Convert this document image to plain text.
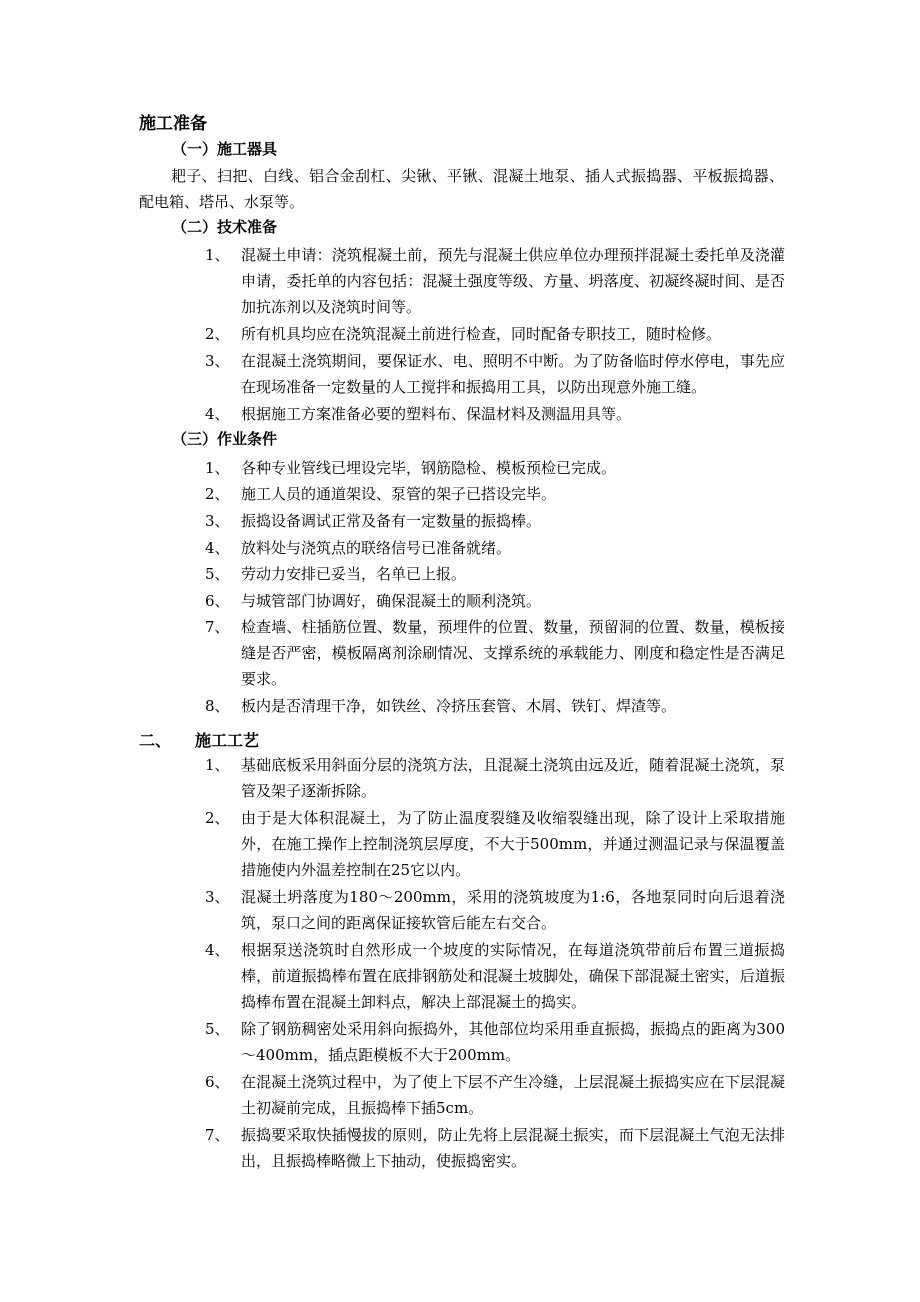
施工准备
（一）施工器具
耙子、扫把、白线、铝合金刮杠、尖锹、平锹、混凝土地泵、插人式振捣器、平板振捣器、配电箱、塔吊、水泵等。
（二）技术准备
1、 混凝土申请：浇筑棍凝土前，预先与混凝土供应单位办理预拌混凝土委托单及浇灌申请，委托单的内容包括：混凝土强度等级、方量、坍落度、初凝终凝时间、是否加抗冻剂以及浇筑时间等。
2、 所有机具均应在浇筑混凝土前进行检查，同时配备专职技工，随时检修。
3、 在混凝土浇筑期间，要保证水、电、照明不中断。为了防备临时停水停电，事先应在现场准备一定数量的人工搅拌和振捣用工具，以防出现意外施工缝。
4、 根据施工方案准备必要的塑料布、保温材料及测温用具等。
（三）作业条件
1、 各种专业管线已埋设完毕，钢筋隐检、模板预检已完成。
2、 施工人员的通道架设、泵管的架子已搭设完毕。
3、 振捣设备调试正常及备有一定数量的振捣棒。
4、 放料处与浇筑点的联络信号已准备就绪。
5、 劳动力安排已妥当，名单已上报。
6、 与城管部门协调好，确保混凝土的顺利浇筑。
7、 检查墙、柱插筋位置、数量，预埋件的位置、数量，预留洞的位置、数量，模板接缝是否严密，模板隔离剂涂刷情况、支撑系统的承载能力、刚度和稳定性是否满足要求。
8、 板内是否清理干净，如铁丝、冷挤压套管、木屑、铁钉、焊渣等。
二、 施工工艺
1、 基础底板采用斜面分层的浇筑方法，且混凝土浇筑由远及近，随着混凝土浇筑，泵管及架子逐渐拆除。
2、 由于是大体积混凝土，为了防止温度裂缝及收缩裂缝出现，除了设计上采取措施外，在施工操作上控制浇筑层厚度，不大于500mm，并通过测温记录与保温覆盖措施使内外温差控制在25它以内。
3、 混凝土坍落度为180～200mm，采用的浇筑坡度为1:6，各地泵同时向后退着浇筑，泵口之间的距离保证接软管后能左右交合。
4、 根据泵送浇筑时自然形成一个坡度的实际情况，在每道浇筑带前后布置三道振捣棒，前道振捣棒布置在底排钢筋处和混凝土坡脚处，确保下部混凝土密实，后道振捣棒布置在混凝土卸料点，解决上部混凝土的捣实。
5、 除了钢筋稠密处采用斜向振捣外，其他部位均采用垂直振捣，振捣点的距离为300～400mm，插点距模板不大于200mm。
6、 在混凝土浇筑过程中，为了使上下层不产生冷缝，上层混凝土振捣实应在下层混凝土初凝前完成，且振捣棒下插5cm。
7、 振捣要采取快插慢拔的原则，防止先将上层混凝土振实，而下层混凝土气泡无法排出，且振捣棒略微上下抽动，使振捣密实。
